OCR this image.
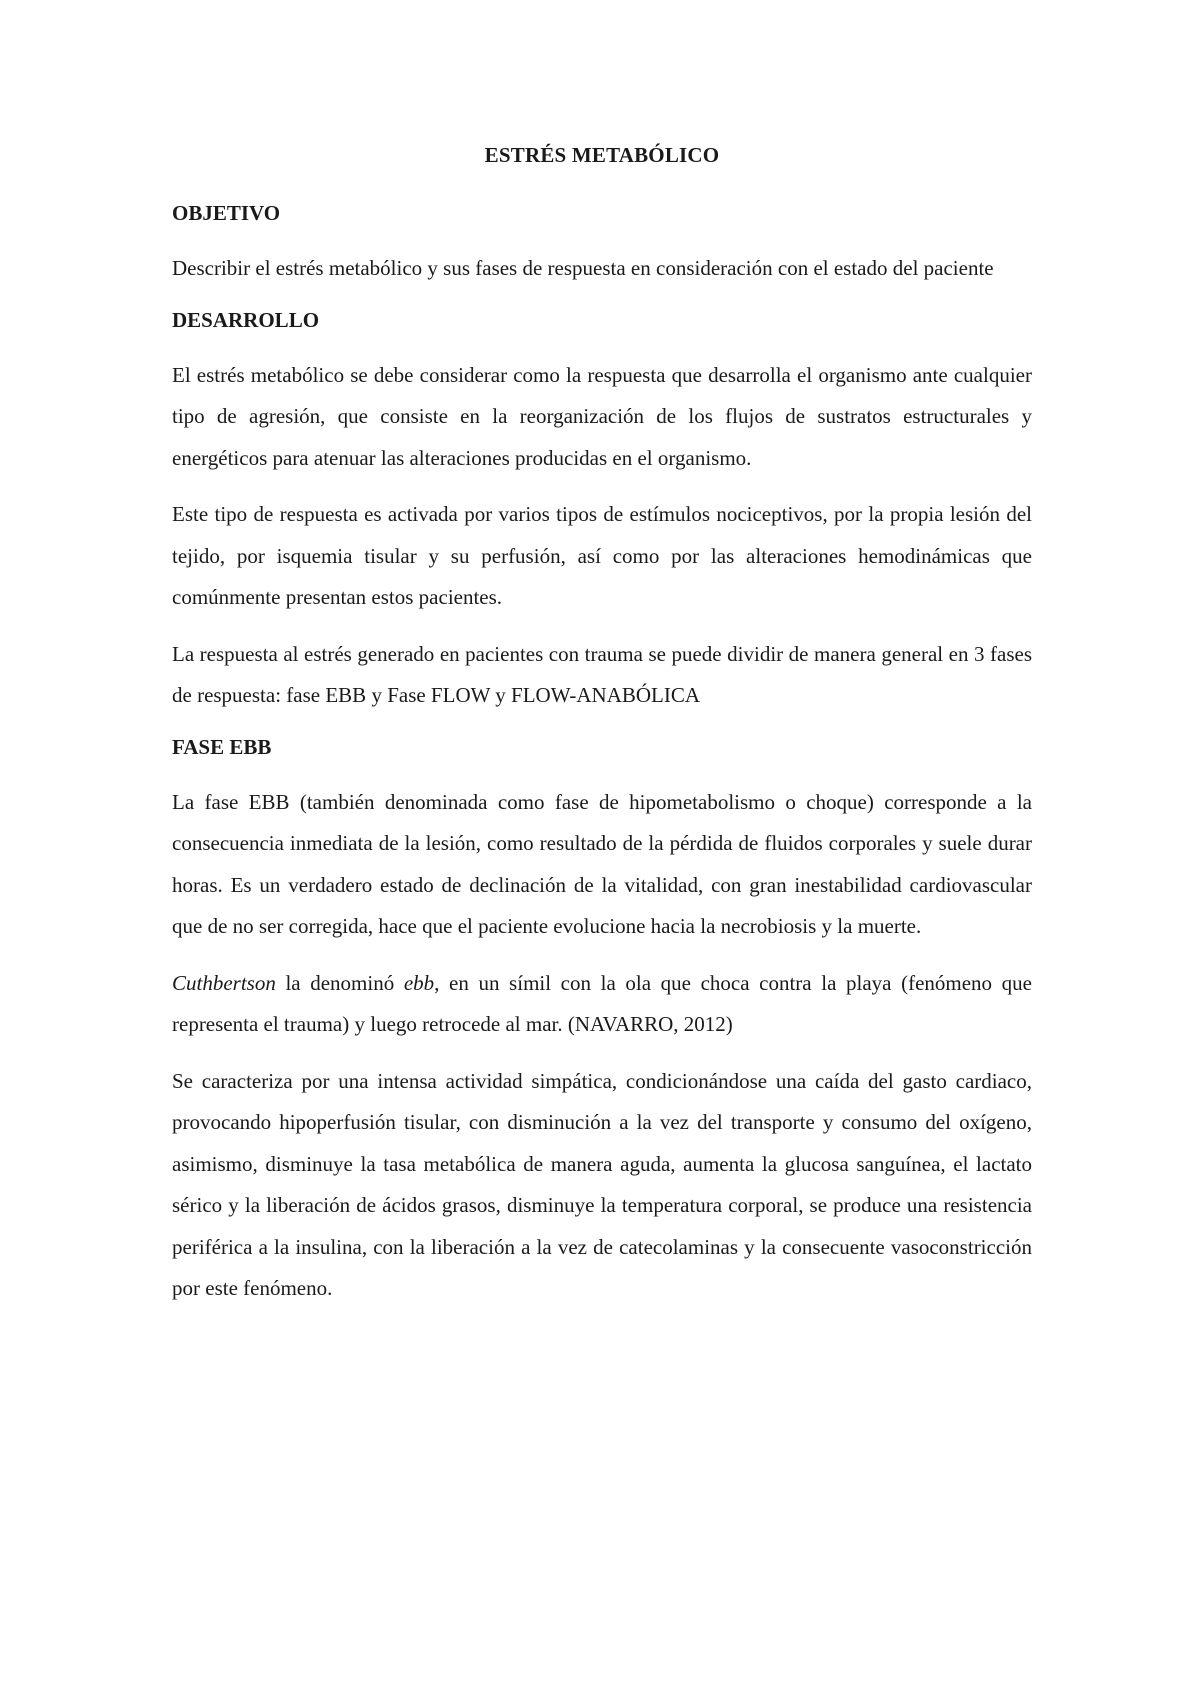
ESTRÉS METABÓLICO
OBJETIVO

Describir el estrés metabólico y sus fases de respuesta en consideración con el estado del paciente

DESARROLLO

El estrés metabólico se debe considerar como la respuesta que desarrolla el organismo ante cualquier tipo de agresión, que consiste en la reorganización de los flujos de sustratos estructurales y energéticos para atenuar las alteraciones producidas en el organismo.

Este tipo de respuesta es activada por varios tipos de estímulos nociceptivos, por la propia lesión del tejido, por isquemia tisular y su perfusión, así como por las alteraciones hemodinámicas que comúnmente presentan estos pacientes.

La respuesta al estrés generado en pacientes con trauma se puede dividir de manera general en 3 fases de respuesta: fase EBB y Fase FLOW y FLOW-ANABÓLICA

FASE EBB

La fase EBB (también denominada como fase de hipometabolismo o choque) corresponde a la consecuencia inmediata de la lesión, como resultado de la pérdida de fluidos corporales y suele durar horas. Es un verdadero estado de declinación de la vitalidad, con gran inestabilidad cardiovascular que de no ser corregida, hace que el paciente evolucione hacia la necrobiosis y la muerte.

Cuthbertson la denominó ebb, en un símil con la ola que choca contra la playa (fenómeno que representa el trauma) y luego retrocede al mar. (NAVARRO, 2012)

Se caracteriza por una intensa actividad simpática, condicionándose una caída del gasto cardiaco, provocando hipoperfusión tisular, con disminución a la vez del transporte y consumo del oxígeno, asimismo, disminuye la tasa metabólica de manera aguda, aumenta la glucosa sanguínea, el lactato sérico y la liberación de ácidos grasos, disminuye la temperatura corporal, se produce una resistencia periférica a la insulina, con la liberación a la vez de catecolaminas y la consecuente vasoconstricción por este fenómeno.
